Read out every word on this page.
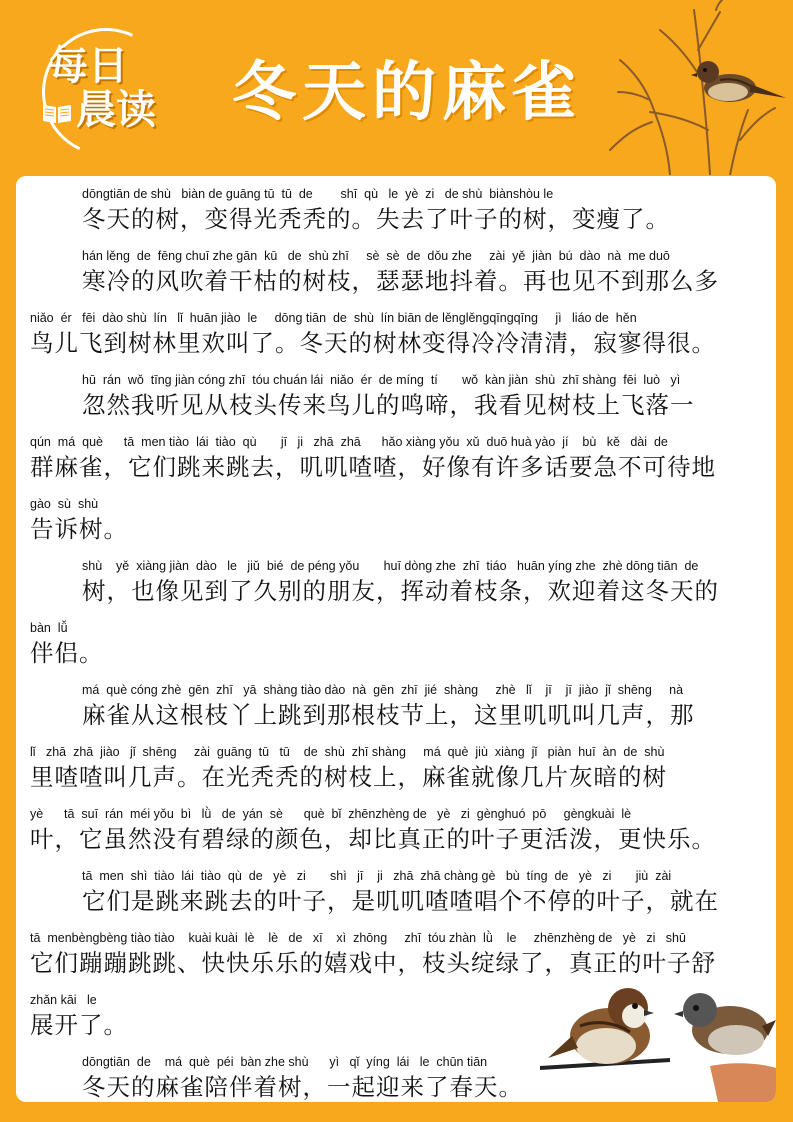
每日
晨读 冬天的麻雀
dōngtiān de shù   biàn de guāng tū  tū  de        shī  qù   le  yè  zi   de shù  biànshòu le
冬天的树，变得光秃秃的。失去了叶子的树，变瘦了。
hán lěng  de  fēng chuī zhe gān  kū   de  shù zhī     sè  sè  de  dǒu zhe     zài  yě  jiàn  bú  dào  nà  me duō
寒冷的风吹着干枯的树枝，瑟瑟地抖着。再也见不到那么多
niǎo  ér   fēi  dào shù  lín   lǐ  huān jiào  le     dōng tiān  de  shù  lín biān de lěnglěngqīngqīng     jì   liáo de  hěn
鸟儿飞到树林里欢叫了。冬天的树林变得冷冷清清，寂寥得很。
hū  rán  wǒ  tīng jiàn cóng zhī  tóu chuán lái  niǎo  ér  de míng  tí       wǒ  kàn jiàn  shù  zhī shàng  fēi  luò   yì
忽然我听见从枝头传来鸟儿的鸣啼，我看见树枝上飞落一
qún  má  què      tā  men tiào  lái  tiào  qù       jī   ji   zhā  zhā      hǎo xiàng yǒu  xǔ  duō huà yào  jí    bù   kě   dài  de
群麻雀，它们跳来跳去，叽叽喳喳，好像有许多话要急不可待地
gào  sù  shù
告诉树。
shù    yě  xiàng jiàn  dào   le   jiǔ  bié  de péng yǒu       huī dòng zhe  zhī  tiáo   huān yíng zhe  zhè dōng tiān  de
树，也像见到了久别的朋友，挥动着枝条，欢迎着这冬天的
bàn  lǚ
伴侣。
má  què cóng zhè  gēn  zhī   yā  shàng tiào dào  nà  gēn  zhī  jié  shàng     zhè   lǐ    jī    jī  jiào  jǐ  shēng     nà
麻雀从这根枝丫上跳到那根枝节上，这里叽叽叫几声，那
lǐ   zhā  zhā  jiào   jǐ  shēng     zài  guāng  tū   tū    de  shù  zhī shàng     má  què  jiù  xiàng  jǐ   piàn  huī  àn  de  shù
里喳喳叫几声。在光秃秃的树枝上，麻雀就像几片灰暗的树
yè      tā  suī  rán  méi yǒu  bì   lǜ   de  yán  sè      què  bǐ  zhēnzhèng de   yè   zi  gènghuó  pō     gèngkuài  lè
叶，它虽然没有碧绿的颜色，却比真正的叶子更活泼，更快乐。
tā  men  shì  tiào  lái  tiào  qù  de   yè   zi       shì   jī    ji   zhā  zhā chàng gè   bù  tíng  de   yè   zi       jiù  zài
它们是跳来跳去的叶子，是叽叽喳喳唱个不停的叶子，就在
tā  menbèngbèng tiào tiào    kuài kuài  lè    lè   de   xī    xì  zhōng     zhī  tóu zhàn  lǜ    le     zhēnzhèng de   yè   zi   shū
它们蹦蹦跳跳、快快乐乐的嬉戏中，枝头绽绿了，真正的叶子舒
zhǎn kāi   le
展开了。
dōngtiān  de    má  què  péi  bàn zhe shù      yì   qǐ  yíng  lái   le  chūn tiān
冬天的麻雀陪伴着树，一起迎来了春天。
